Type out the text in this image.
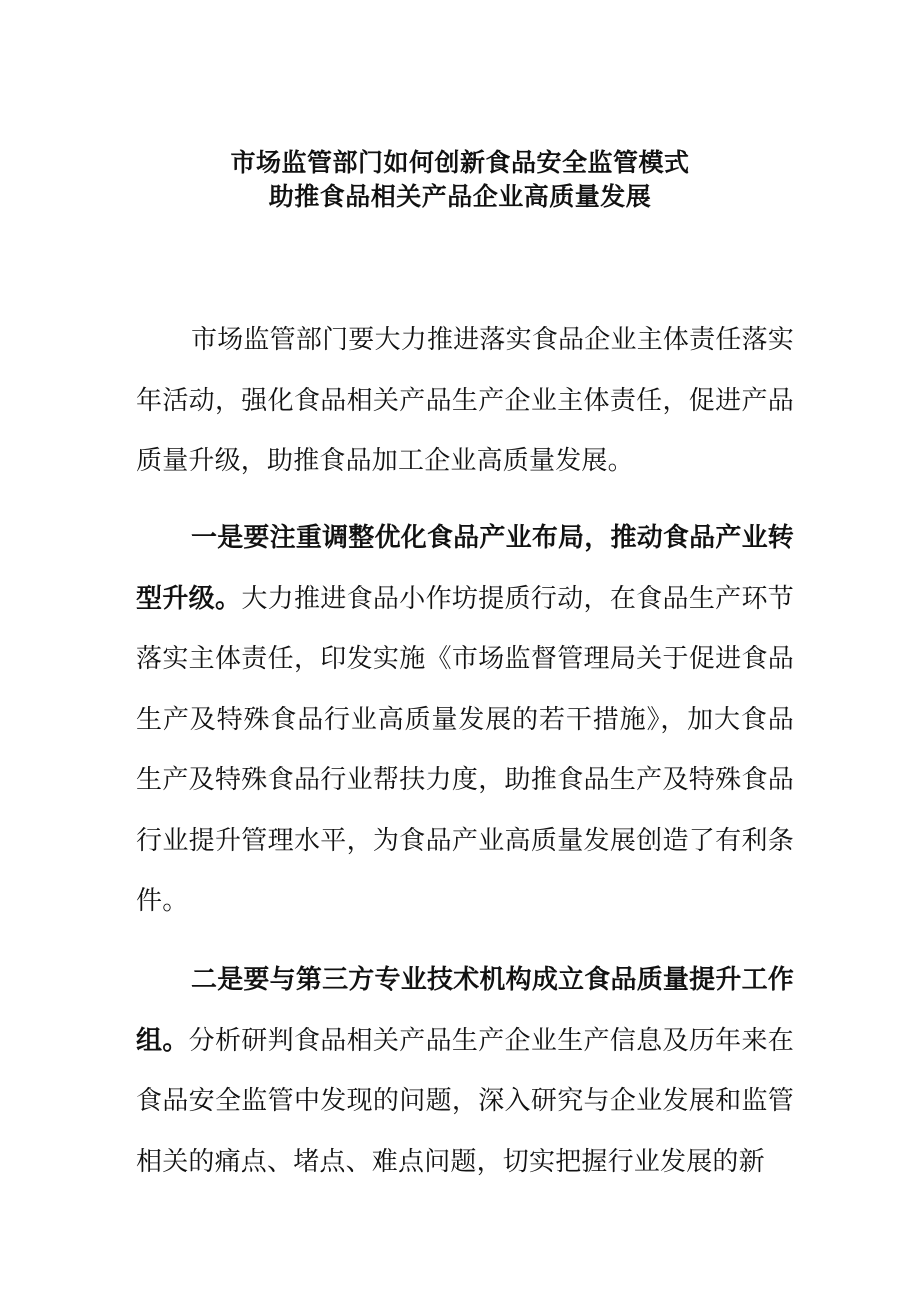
市场监管部门如何创新食品安全监管模式
助推食品相关产品企业高质量发展

市场监管部门要大力推进落实食品企业主体责任落实年活动，强化食品相关产品生产企业主体责任，促进产品质量升级，助推食品加工企业高质量发展。

一是要注重调整优化食品产业布局，推动食品产业转型升级。大力推进食品小作坊提质行动，在食品生产环节落实主体责任，印发实施《市场监督管理局关于促进食品生产及特殊食品行业高质量发展的若干措施》，加大食品生产及特殊食品行业帮扶力度，助推食品生产及特殊食品行业提升管理水平，为食品产业高质量发展创造了有利条件。

二是要与第三方专业技术机构成立食品质量提升工作组。分析研判食品相关产品生产企业生产信息及历年来在食品安全监管中发现的问题，深入研究与企业发展和监管相关的痛点、堵点、难点问题，切实把握行业发展的新
